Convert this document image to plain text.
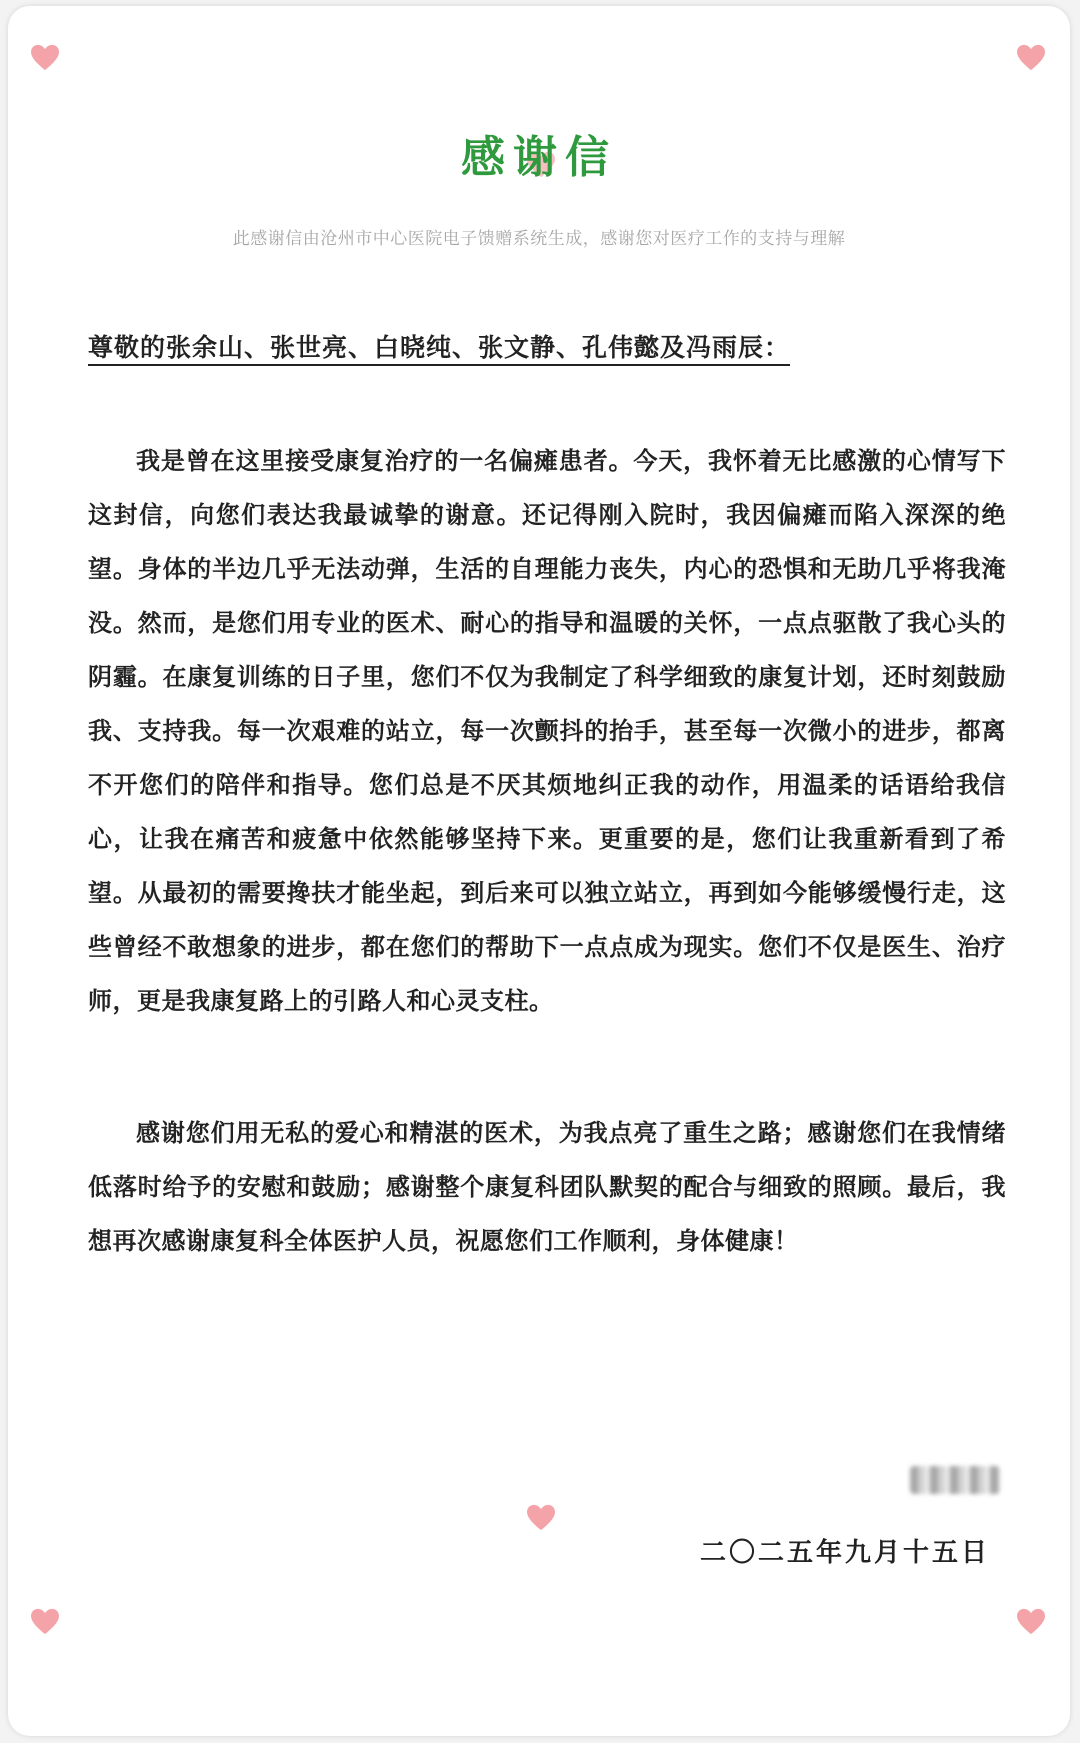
感谢信
此感谢信由沧州市中心医院电子馈赠系统生成，感谢您对医疗工作的支持与理解
尊敬的张余山、张世亮、白晓纯、张文静、孔伟懿及冯雨辰：

我是曾在这里接受康复治疗的一名偏瘫患者。今天，我怀着无比感激的心情写下这封信，向您们表达我最诚挚的谢意。还记得刚入院时，我因偏瘫而陷入深深的绝望。身体的半边几乎无法动弹，生活的自理能力丧失，内心的恐惧和无助几乎将我淹没。然而，是您们用专业的医术、耐心的指导和温暖的关怀，一点点驱散了我心头的阴霾。在康复训练的日子里，您们不仅为我制定了科学细致的康复计划，还时刻鼓励我、支持我。每一次艰难的站立，每一次颤抖的抬手，甚至每一次微小的进步，都离不开您们的陪伴和指导。您们总是不厌其烦地纠正我的动作，用温柔的话语给我信心，让我在痛苦和疲惫中依然能够坚持下来。更重要的是，您们让我重新看到了希望。从最初的需要搀扶才能坐起，到后来可以独立站立，再到如今能够缓慢行走，这些曾经不敢想象的进步，都在您们的帮助下一点点成为现实。您们不仅是医生、治疗师，更是我康复路上的引路人和心灵支柱。

感谢您们用无私的爱心和精湛的医术，为我点亮了重生之路；感谢您们在我情绪低落时给予的安慰和鼓励；感谢整个康复科团队默契的配合与细致的照顾。最后，我想再次感谢康复科全体医护人员，祝愿您们工作顺利，身体健康！

二〇二五年九月十五日
